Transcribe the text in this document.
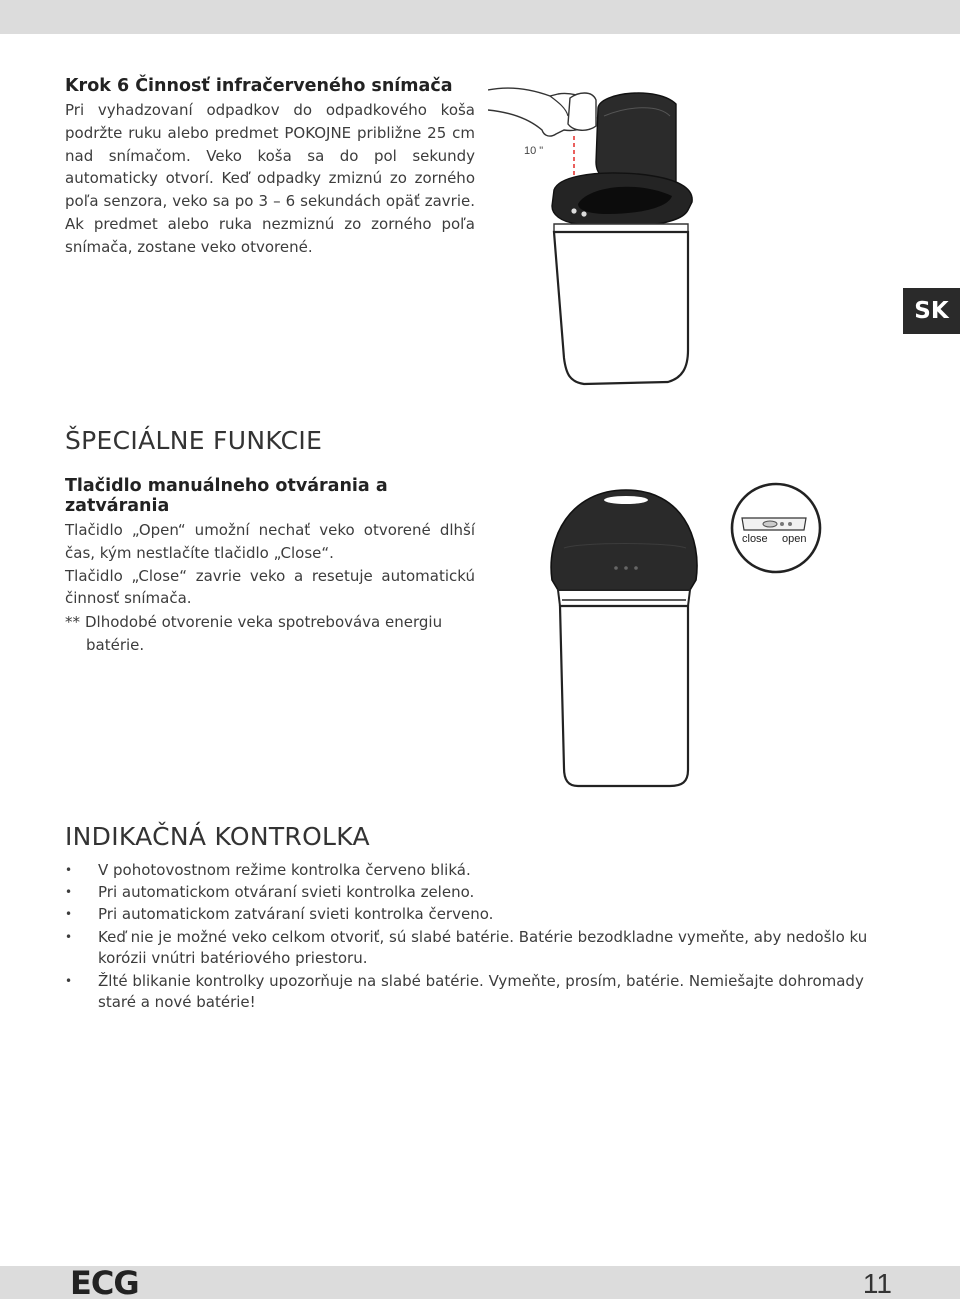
Krok 6 Činnosť infračerveného snímača

Pri vyhadzovaní odpadkov do odpadkového koša podržte ruku alebo predmet POKOJNE približne 25 cm nad snímačom. Veko koša sa do pol sekundy automaticky otvorí. Keď odpadky zmiznú zo zorného poľa senzora, veko sa po 3 – 6 sekundách opäť zavrie. Ak predmet alebo ruka nezmiznú zo zorného poľa snímača, zostane veko otvorené.

10 "
SK
ŠPECIÁLNE FUNKCIE
Tlačidlo manuálneho otvárania a zatvárania

Tlačidlo „Open“ umožní nechať veko otvorené dlhší čas, kým nestlačíte tlačidlo „Close“.

Tlačidlo „Close“ zavrie veko a resetuje automatickú činnosť snímača.

** Dlhodobé otvorenie veka spotrebováva energiu
batérie.
close open
INDIKAČNÁ KONTROLKA
• V pohotovostnom režime kontrolka červeno bliká.
• Pri automatickom otváraní svieti kontrolka zeleno.
• Pri automatickom zatváraní svieti kontrolka červeno.
• Keď nie je možné veko celkom otvoriť, sú slabé batérie. Batérie bezodkladne vymeňte, aby nedošlo ku korózii vnútri batériového priestoru.
• Žlté blikanie kontrolky upozorňuje na slabé batérie. Vymeňte, prosím, batérie. Nemiešajte dohromady staré a nové batérie!
ECG	11
